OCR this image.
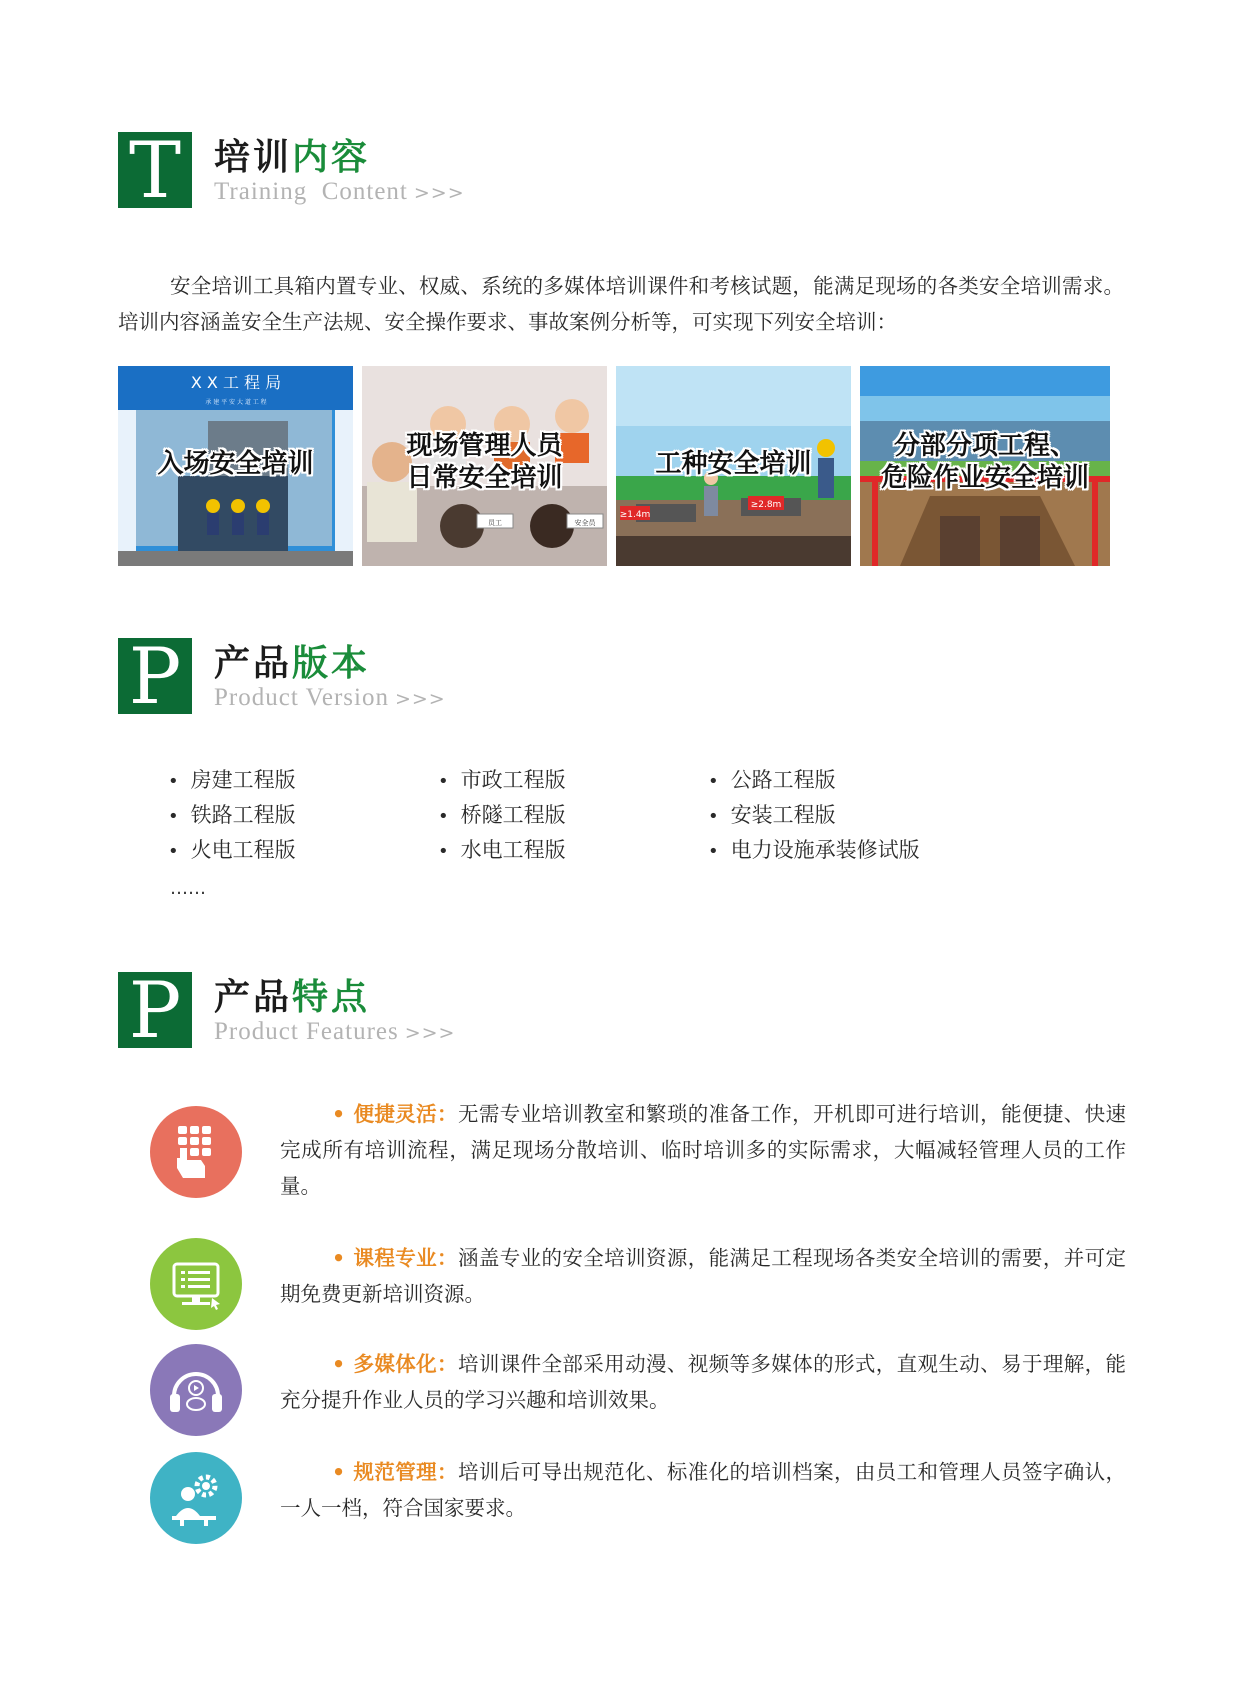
T 培训内容
Training  Content >>>

安全培训工具箱内置专业、权威、系统的多媒体培训课件和考核试题，能满足现场的各类安全培训需求。培训内容涵盖安全生产法规、安全操作要求、事故案例分析等，可实现下列安全培训：

X X 工 程 局
承 建 平 安 大 道 工 程
入场安全培训
员工	安全员
现场管理人员
日常安全培训
≥1.4m
≥2.8m
工种安全培训
分部分项工程、
危险作业安全培训
P 产品版本
Product Version >>>
• 房建工程版	• 市政工程版	• 公路工程版
• 铁路工程版	• 桥隧工程版	• 安装工程版
• 火电工程版	• 水电工程版	• 电力设施承装修试版
……
P 产品特点
Product Features >>>

• 便捷灵活：无需专业培训教室和繁琐的准备工作，开机即可进行培训，能便捷、快速完成所有培训流程，满足现场分散培训、临时培训多的实际需求，大幅减轻管理人员的工作量。

• 课程专业：涵盖专业的安全培训资源，能满足工程现场各类安全培训的需要，并可定期免费更新培训资源。

• 多媒体化：培训课件全部采用动漫、视频等多媒体的形式，直观生动、易于理解，能充分提升作业人员的学习兴趣和培训效果。

• 规范管理：培训后可导出规范化、标准化的培训档案，由员工和管理人员签字确认，一人一档，符合国家要求。
